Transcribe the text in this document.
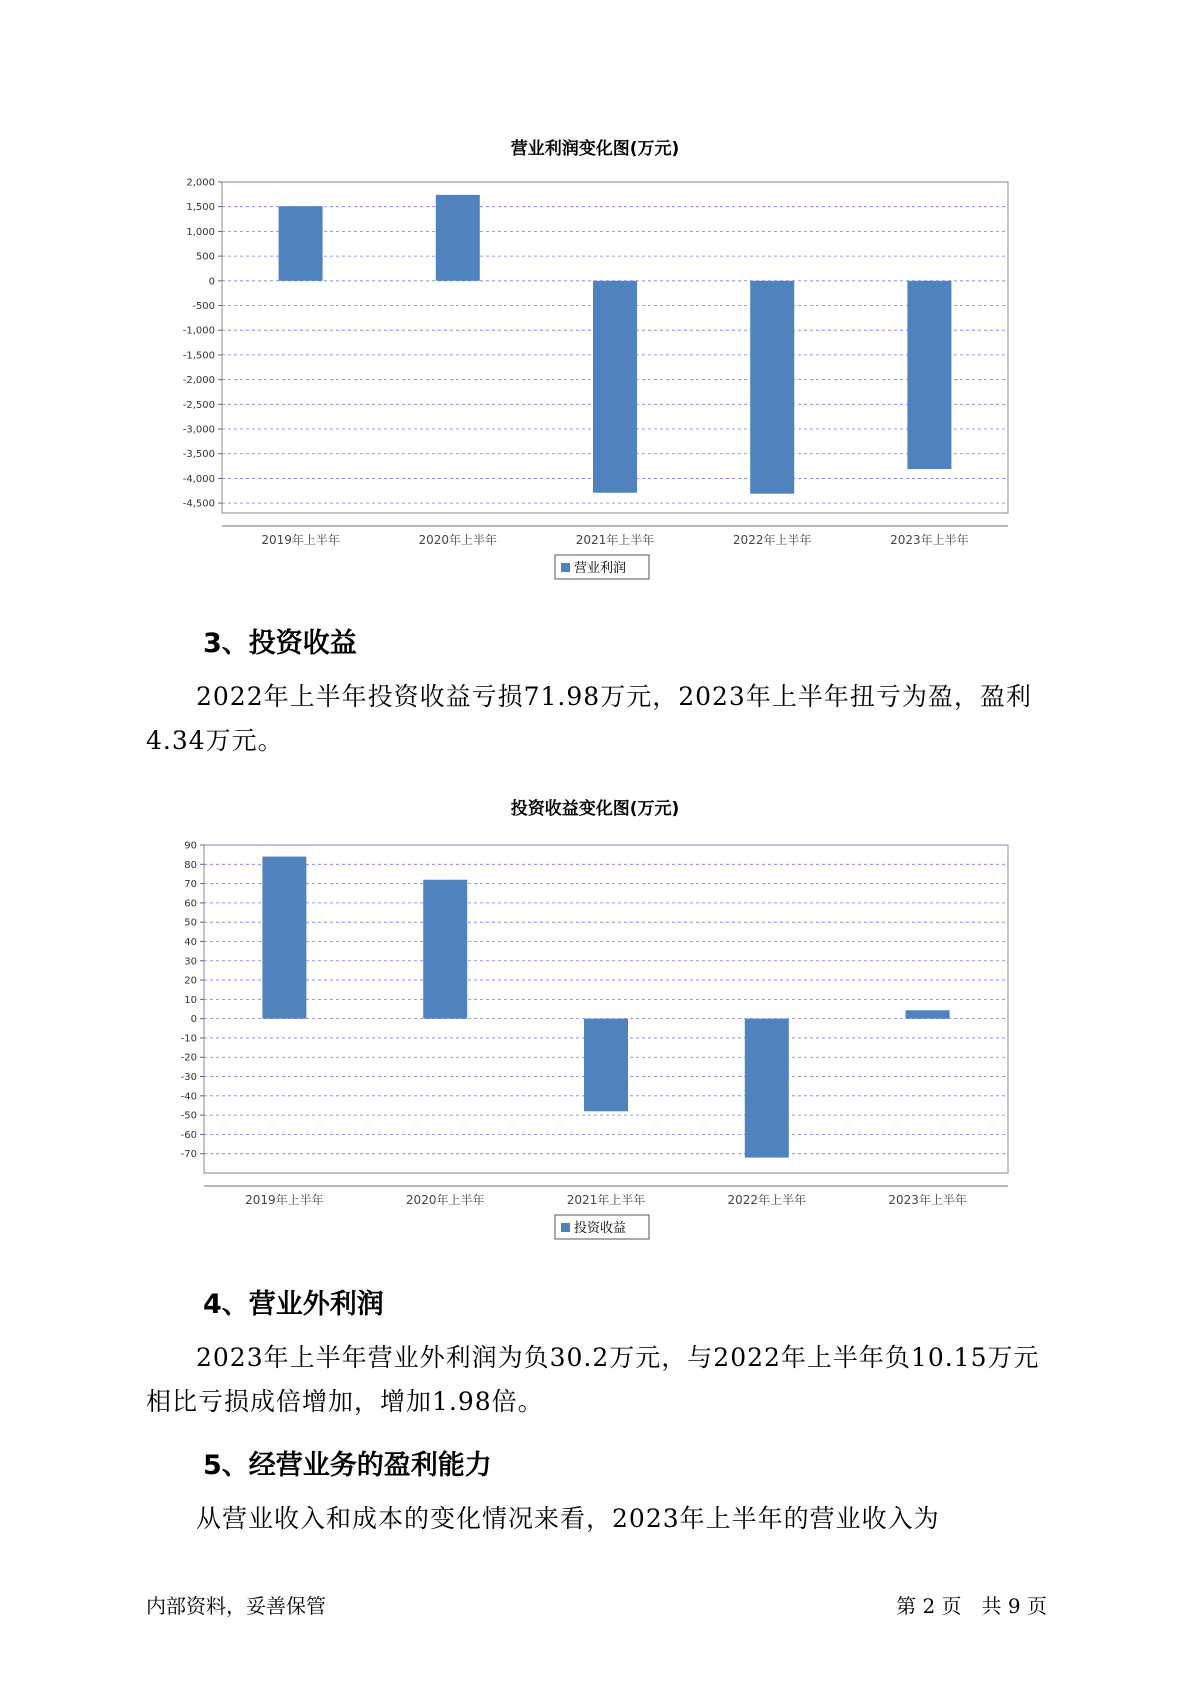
营业利润变化图(万元)
2,000
1,500
1,000
500
0
-500
-1,000
-1,500
-2,000
-2,500
-3,000
-3,500
-4,000
-4,500
2019年上半年	2020年上半年	2021年上半年	2022年上半年	2023年上半年
营业利润
3、投资收益

2022年上半年投资收益亏损71.98万元，2023年上半年扭亏为盈，盈利4.34万元。

投资收益变化图(万元)
90
80
70
60
50
40
30
20
10
0
-10
-20
-30
-40
-50
-60
-70
2019年上半年	2020年上半年	2021年上半年	2022年上半年	2023年上半年
投资收益
4、营业外利润

2023年上半年营业外利润为负30.2万元，与2022年上半年负10.15万元相比亏损成倍增加，增加1.98倍。

5、经营业务的盈利能力

从营业收入和成本的变化情况来看，2023年上半年的营业收入为

内部资料，妥善保管	第 2 页　共 9 页
